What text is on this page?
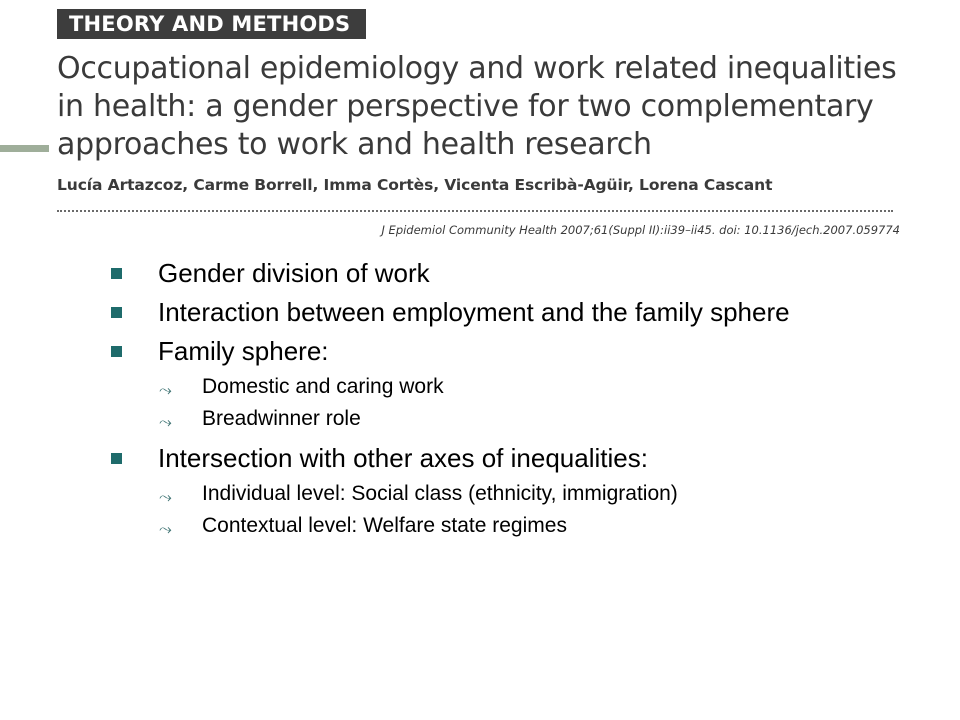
THEORY AND METHODS
Occupational epidemiology and work related inequalities in health: a gender perspective for two complementary approaches to work and health research
Lucía Artazcoz, Carme Borrell, Imma Cortès, Vicenta Escribà-Agüir, Lorena Cascant
J Epidemiol Community Health 2007;61(Suppl II):ii39–ii45. doi: 10.1136/jech.2007.059774
Gender division of work
Interaction between employment and the family sphere
Family sphere:
⤳ Domestic and caring work
⤳ Breadwinner role
Intersection with other axes of inequalities:
⤳ Individual level: Social class (ethnicity, immigration)
⤳ Contextual level: Welfare state regimes
